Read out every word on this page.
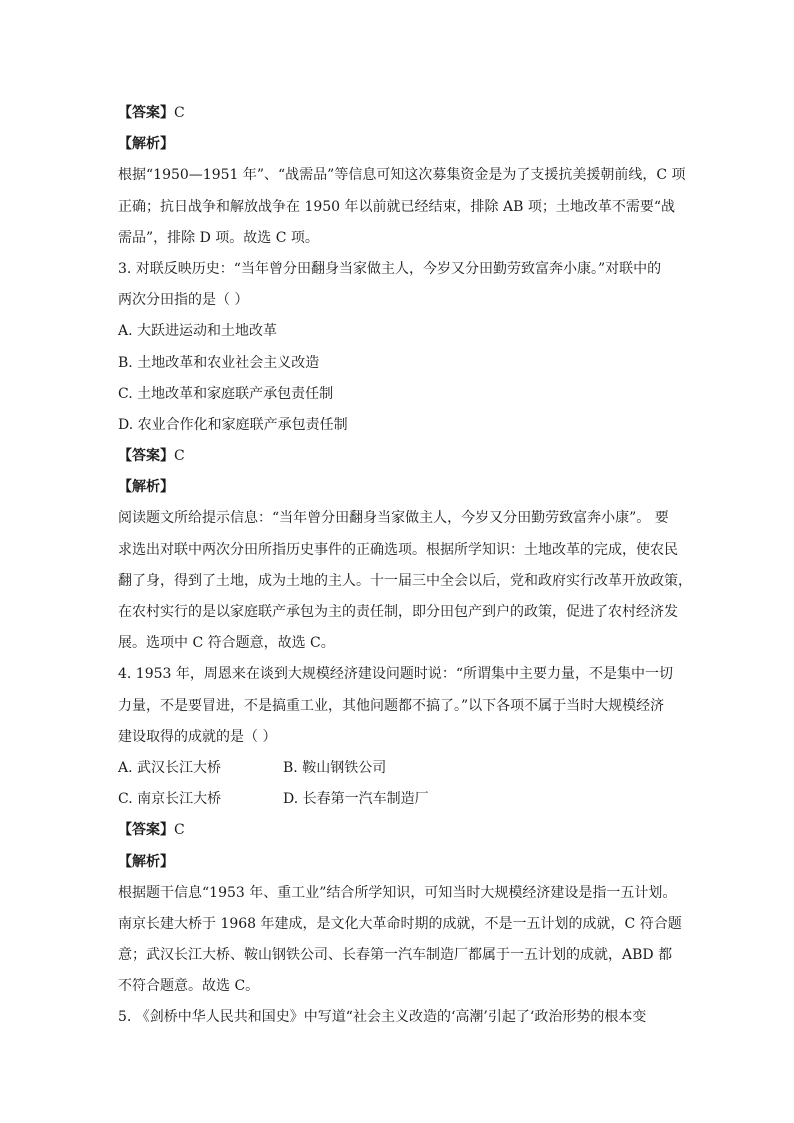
【答案】C
【解析】
根据“1950—1951 年”、“战需品”等信息可知这次募集资金是为了支援抗美援朝前线，C 项
正确；抗日战争和解放战争在 1950 年以前就已经结束，排除 AB 项；土地改革不需要“战
需品”，排除 D 项。故选 C 项。
3. 对联反映历史：“当年曾分田翻身当家做主人，今岁又分田勤劳致富奔小康。”对联中的
两次分田指的是（ ）
A. 大跃进运动和土地改革
B. 土地改革和农业社会主义改造
C. 土地改革和家庭联产承包责任制
D. 农业合作化和家庭联产承包责任制
【答案】C
【解析】
阅读题文所给提示信息：“当年曾分田翻身当家做主人，今岁又分田勤劳致富奔小康”。 要
求选出对联中两次分田所指历史事件的正确选项。根据所学知识：土地改革的完成，使农民
翻了身，得到了土地，成为土地的主人。十一届三中全会以后，党和政府实行改革开放政策，
在农村实行的是以家庭联产承包为主的责任制，即分田包产到户的政策，促进了农村经济发
展。选项中 C 符合题意，故选 C。
4. 1953 年，周恩来在谈到大规模经济建设问题时说：“所谓集中主要力量，不是集中一切
力量，不是要冒进，不是搞重工业，其他问题都不搞了。”以下各项不属于当时大规模经济
建设取得的成就的是（ ）
A. 武汉长江大桥	B. 鞍山钢铁公司
C. 南京长江大桥	D. 长春第一汽车制造厂
【答案】C
【解析】
根据题干信息“1953 年、重工业”结合所学知识，可知当时大规模经济建设是指一五计划。
南京长建大桥于 1968 年建成，是文化大革命时期的成就，不是一五计划的成就，C 符合题
意；武汉长江大桥、鞍山钢铁公司、长春第一汽车制造厂都属于一五计划的成就，ABD 都
不符合题意。故选 C。
5. 《剑桥中华人民共和国史》中写道“社会主义改造的‘高潮’引起了‘政治形势的根本变
